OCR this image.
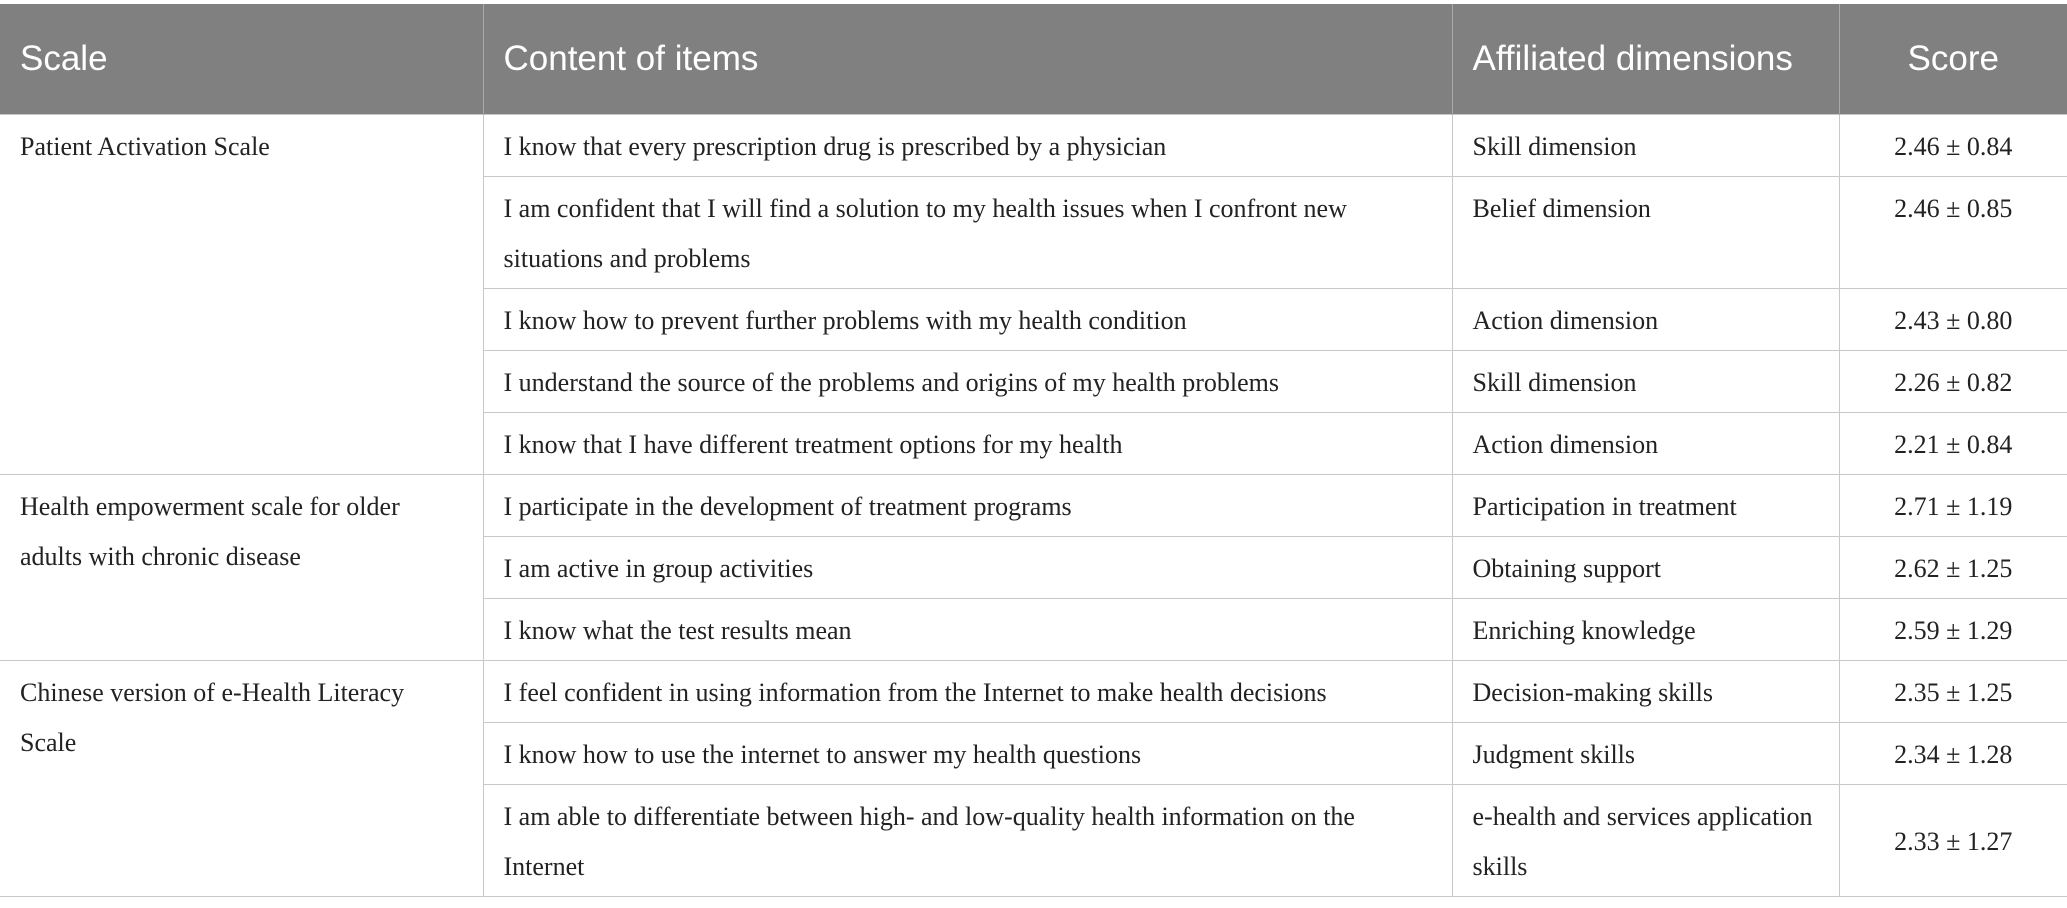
Scale	Content of items	Affiliated dimensions	Score
Patient Activation Scale	I know that every prescription drug is prescribed by a physician	Skill dimension	2.46 ± 0.84
	I am confident that I will find a solution to my health issues when I confront new situations and problems	Belief dimension	2.46 ± 0.85
	I know how to prevent further problems with my health condition	Action dimension	2.43 ± 0.80
	I understand the source of the problems and origins of my health problems	Skill dimension	2.26 ± 0.82
	I know that I have different treatment options for my health	Action dimension	2.21 ± 0.84
Health empowerment scale for older adults with chronic disease	I participate in the development of treatment programs	Participation in treatment	2.71 ± 1.19
	I am active in group activities	Obtaining support	2.62 ± 1.25
	I know what the test results mean	Enriching knowledge	2.59 ± 1.29
Chinese version of e-Health Literacy Scale	I feel confident in using information from the Internet to make health decisions	Decision-making skills	2.35 ± 1.25
	I know how to use the internet to answer my health questions	Judgment skills	2.34 ± 1.28
	I am able to differentiate between high- and low-quality health information on the Internet	e-health and services application skills	2.33 ± 1.27
